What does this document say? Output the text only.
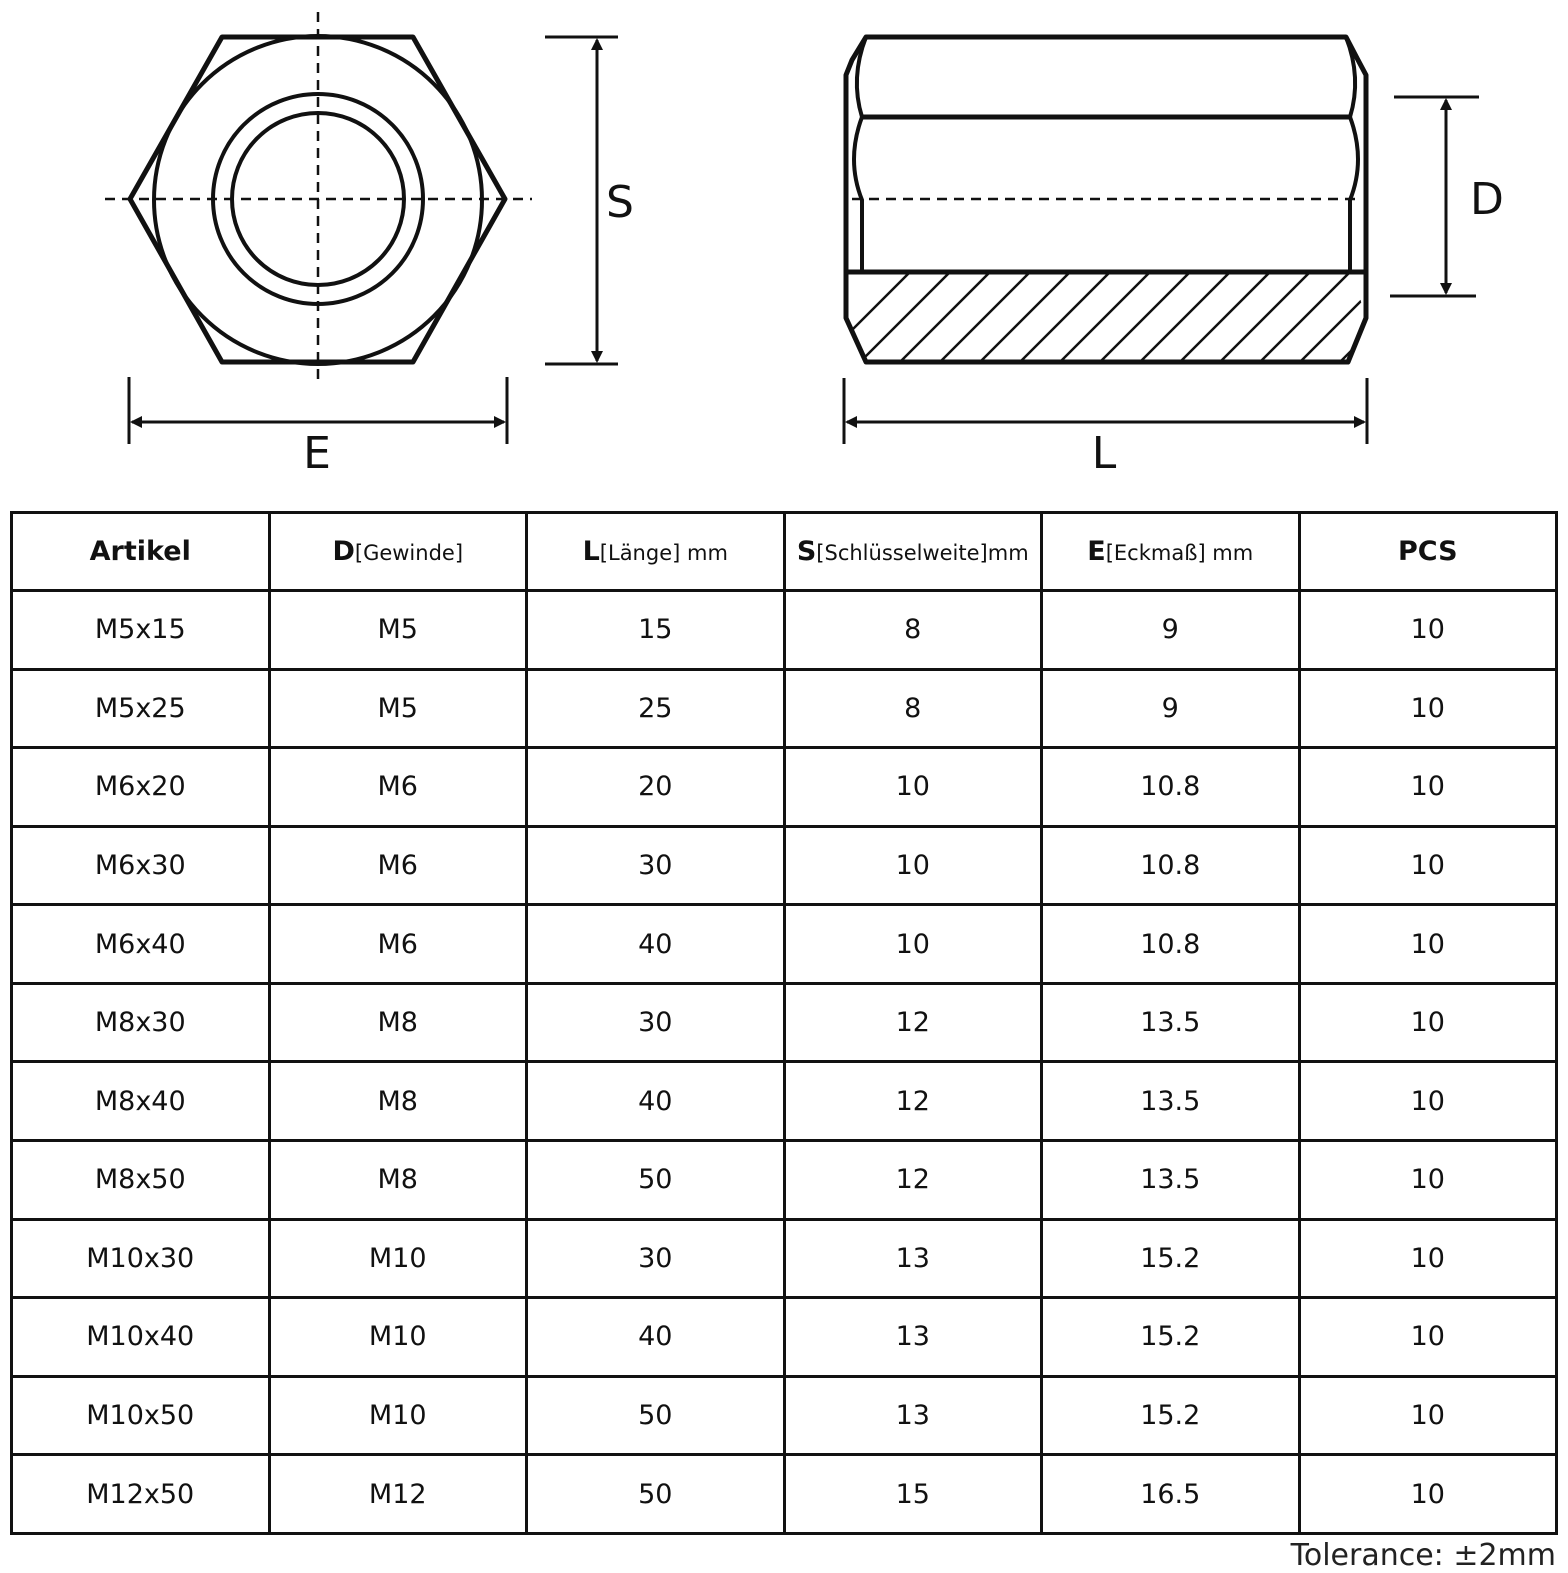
S
E
D
L
Artikel	D[Gewinde]	L[Länge] mm	S[Schlüsselweite]mm	E[Eckmaß] mm	PCS
M5x15	M5	15	8	9	10
M5x25	M5	25	8	9	10
M6x20	M6	20	10	10.8	10
M6x30	M6	30	10	10.8	10
M6x40	M6	40	10	10.8	10
M8x30	M8	30	12	13.5	10
M8x40	M8	40	12	13.5	10
M8x50	M8	50	12	13.5	10
M10x30	M10	30	13	15.2	10
M10x40	M10	40	13	15.2	10
M10x50	M10	50	13	15.2	10
M12x50	M12	50	15	16.5	10
Tolerance: ±2mm
